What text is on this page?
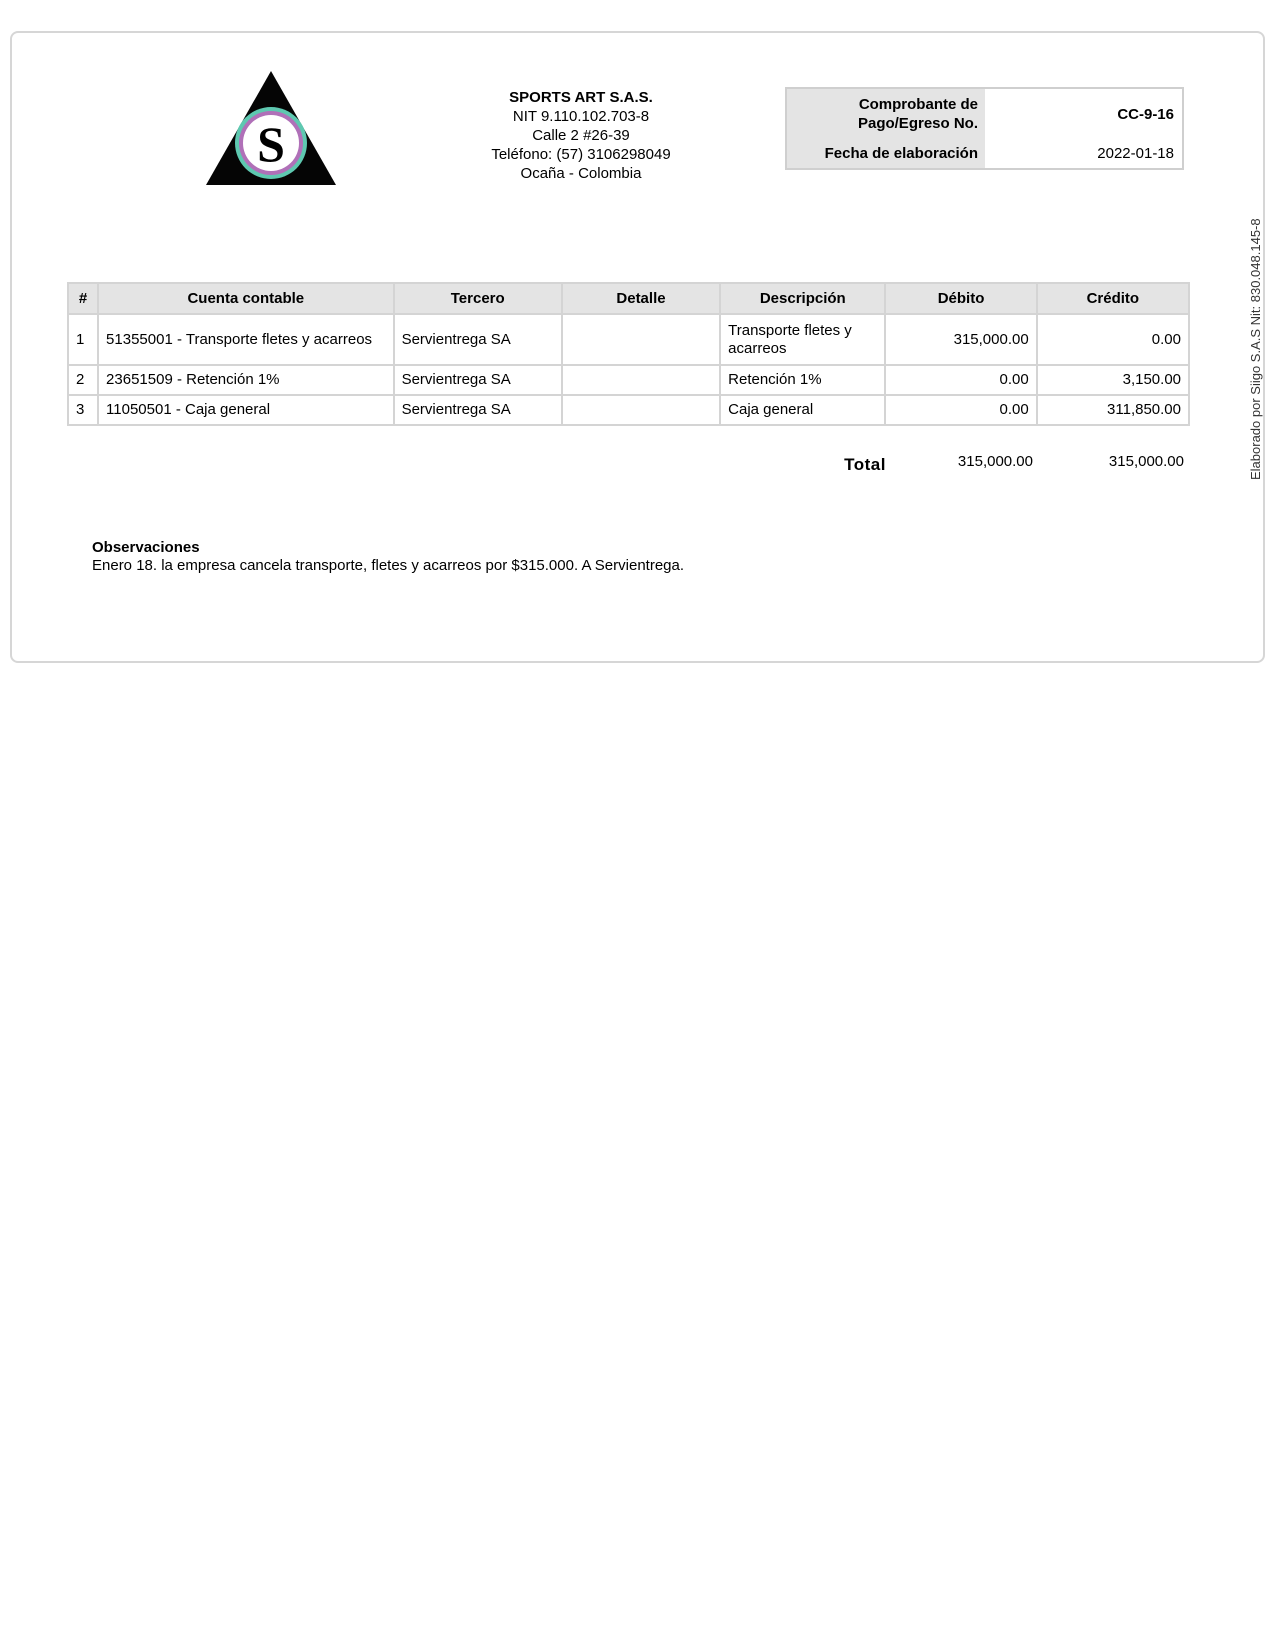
S
SPORTS ART S.A.S.
NIT 9.110.102.703-8
Calle 2 #26-39
Teléfono: (57) 3106298049
Ocaña - Colombia
Comprobante de Pago/Egreso No.
CC-9-16
Fecha de elaboración	2022-01-18
#	Cuenta contable	Tercero	Detalle	Descripción	Débito	Crédito
1	51355001 - Transporte fletes y acarreos	Servientrega SA		Transporte fletes y acarreos	315,000.00	0.00
2	23651509 - Retención 1%	Servientrega SA		Retención 1%	0.00	3,150.00
3	11050501 - Caja general	Servientrega SA		Caja general	0.00	311,850.00
Total	315,000.00	315,000.00
Observaciones
Enero 18. la empresa cancela transporte, fletes y acarreos por $315.000. A Servientrega.
Elaborado por Siigo S.A.S Nit: 830.048.145-8
